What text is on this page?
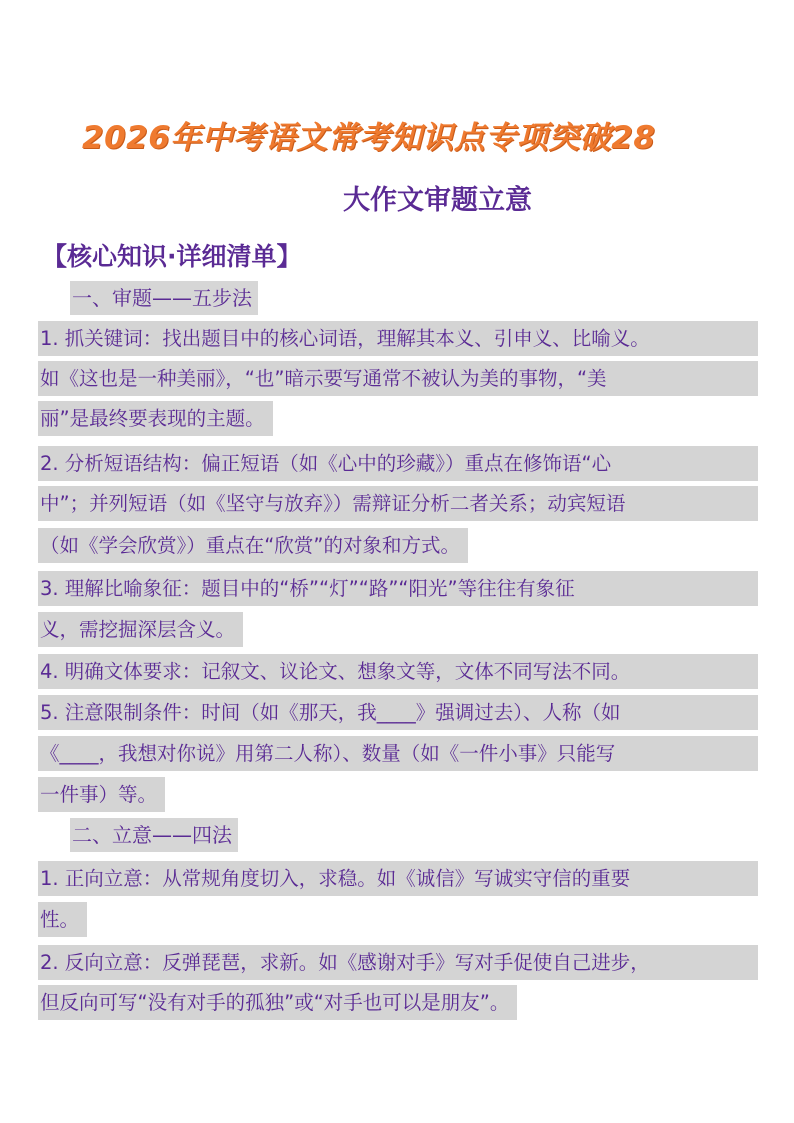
2026年中考语文常考知识点专项突破28
大作文审题立意
【核心知识·详细清单】
一、审题——五步法
1. 抓关键词：找出题目中的核心词语，理解其本义、引申义、比喻义。
如《这也是一种美丽》，“也”暗示要写通常不被认为美的事物，“美
丽”是最终要表现的主题。
2. 分析短语结构：偏正短语（如《心中的珍藏》）重点在修饰语“心
中”；并列短语（如《坚守与放弃》）需辩证分析二者关系；动宾短语
（如《学会欣赏》）重点在“欣赏”的对象和方式。
3. 理解比喻象征：题目中的“桥”“灯”“路”“阳光”等往往有象征
义，需挖掘深层含义。
4. 明确文体要求：记叙文、议论文、想象文等，文体不同写法不同。
5. 注意限制条件：时间（如《那天，我____》强调过去）、人称（如
《____，我想对你说》用第二人称）、数量（如《一件小事》只能写
一件事）等。
二、立意——四法
1. 正向立意：从常规角度切入，求稳。如《诚信》写诚实守信的重要
性。
2. 反向立意：反弹琵琶，求新。如《感谢对手》写对手促使自己进步，
但反向可写“没有对手的孤独”或“对手也可以是朋友”。
